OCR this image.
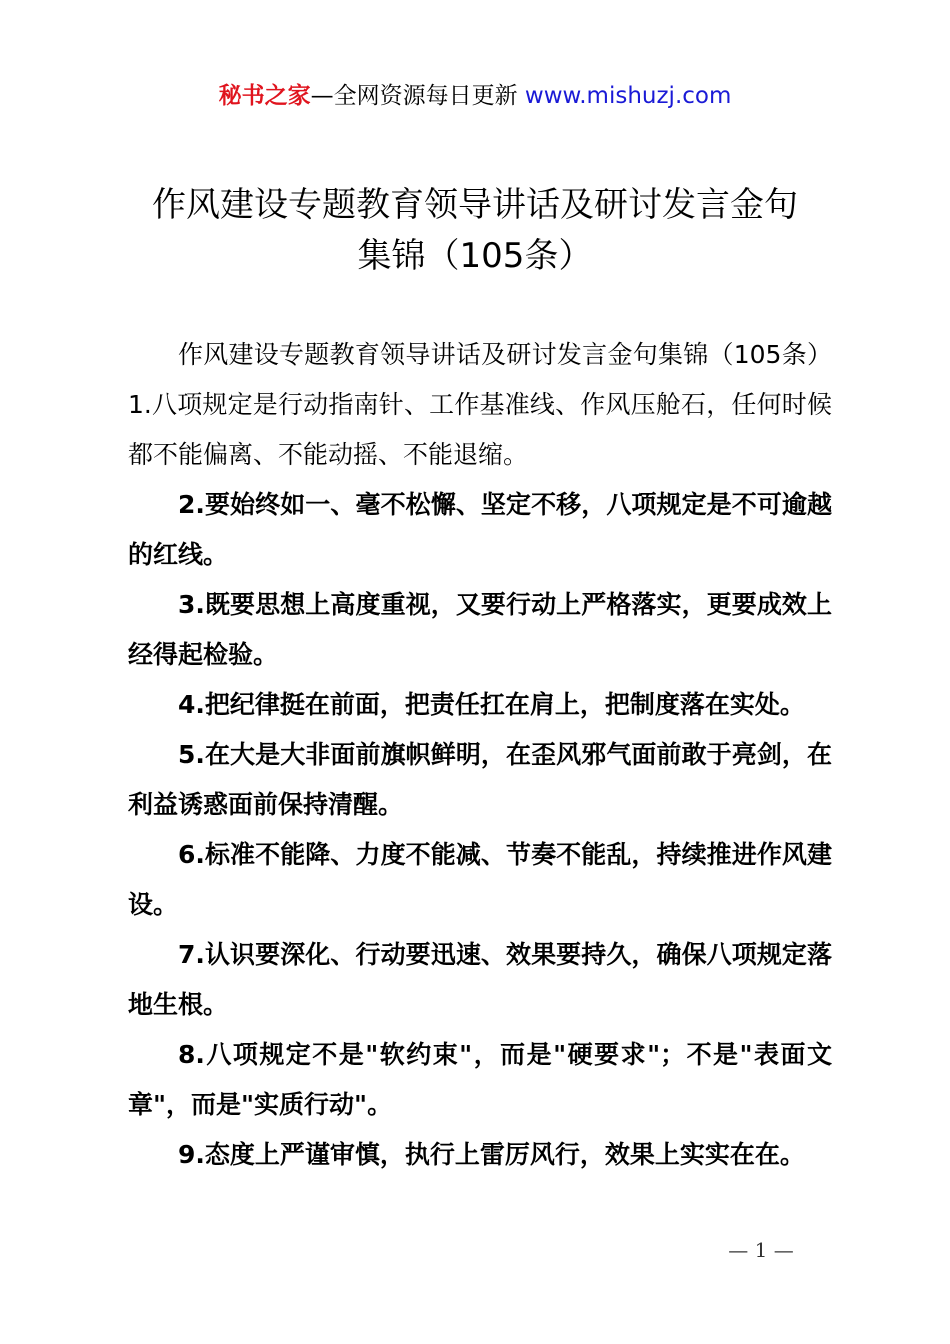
秘书之家—全网资源每日更新 www.mishuzj.com
作风建设专题教育领导讲话及研讨发言金句
集锦（105条）

作风建设专题教育领导讲话及研讨发言金句集锦（105条）1.八项规定是行动指南针、工作基准线、作风压舱石，任何时候都不能偏离、不能动摇、不能退缩。

2.要始终如一、毫不松懈、坚定不移，八项规定是不可逾越的红线。

3.既要思想上高度重视，又要行动上严格落实，更要成效上经得起检验。

4.把纪律挺在前面，把责任扛在肩上，把制度落在实处。

5.在大是大非面前旗帜鲜明，在歪风邪气面前敢于亮剑，在利益诱惑面前保持清醒。

6.标准不能降、力度不能减、节奏不能乱，持续推进作风建设。

7.认识要深化、行动要迅速、效果要持久，确保八项规定落地生根。

8.八项规定不是"软约束"，而是"硬要求"；不是"表面文章"，而是"实质行动"。

9.态度上严谨审慎，执行上雷厉风行，效果上实实在在。

— 1 —
